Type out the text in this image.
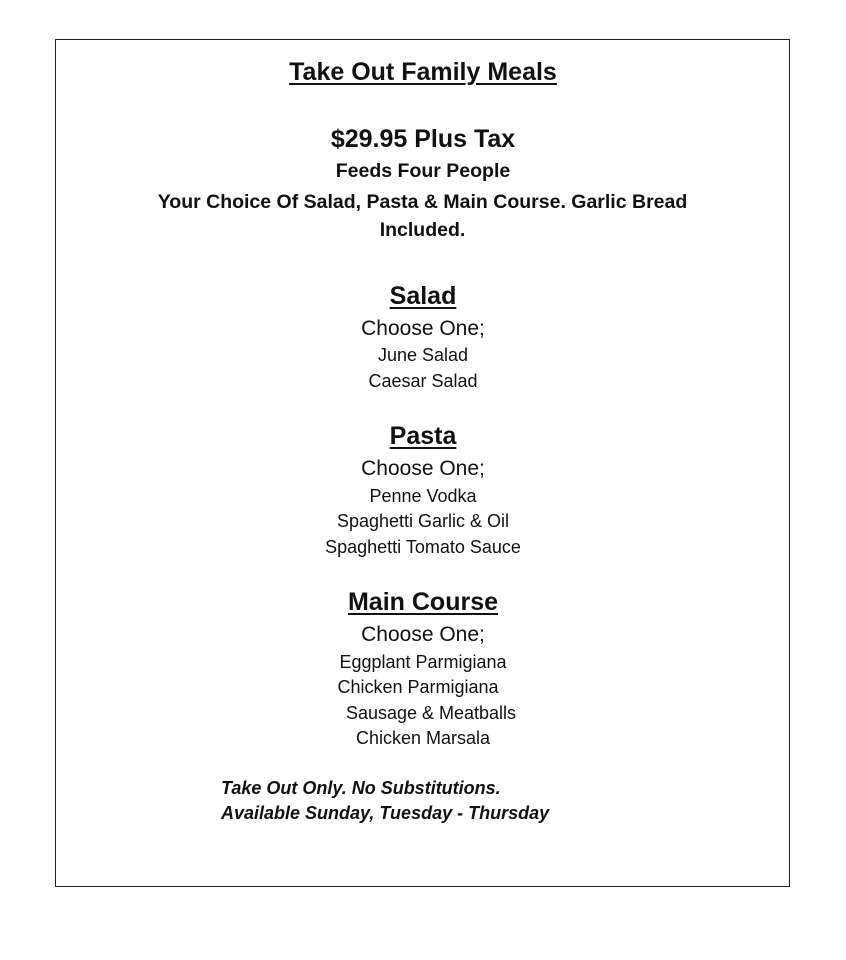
Take Out Family Meals
$29.95 Plus Tax
Feeds Four People
Your Choice Of Salad, Pasta & Main Course. Garlic Bread
Included.
Salad
Choose One;
June Salad
Caesar Salad
Pasta
Choose One;
Penne Vodka
Spaghetti Garlic & Oil
Spaghetti Tomato Sauce
Main Course
Choose One;
Eggplant Parmigiana
Chicken Parmigiana
Sausage & Meatballs
Chicken Marsala
Take Out Only. No Substitutions.
Available Sunday, Tuesday - Thursday
